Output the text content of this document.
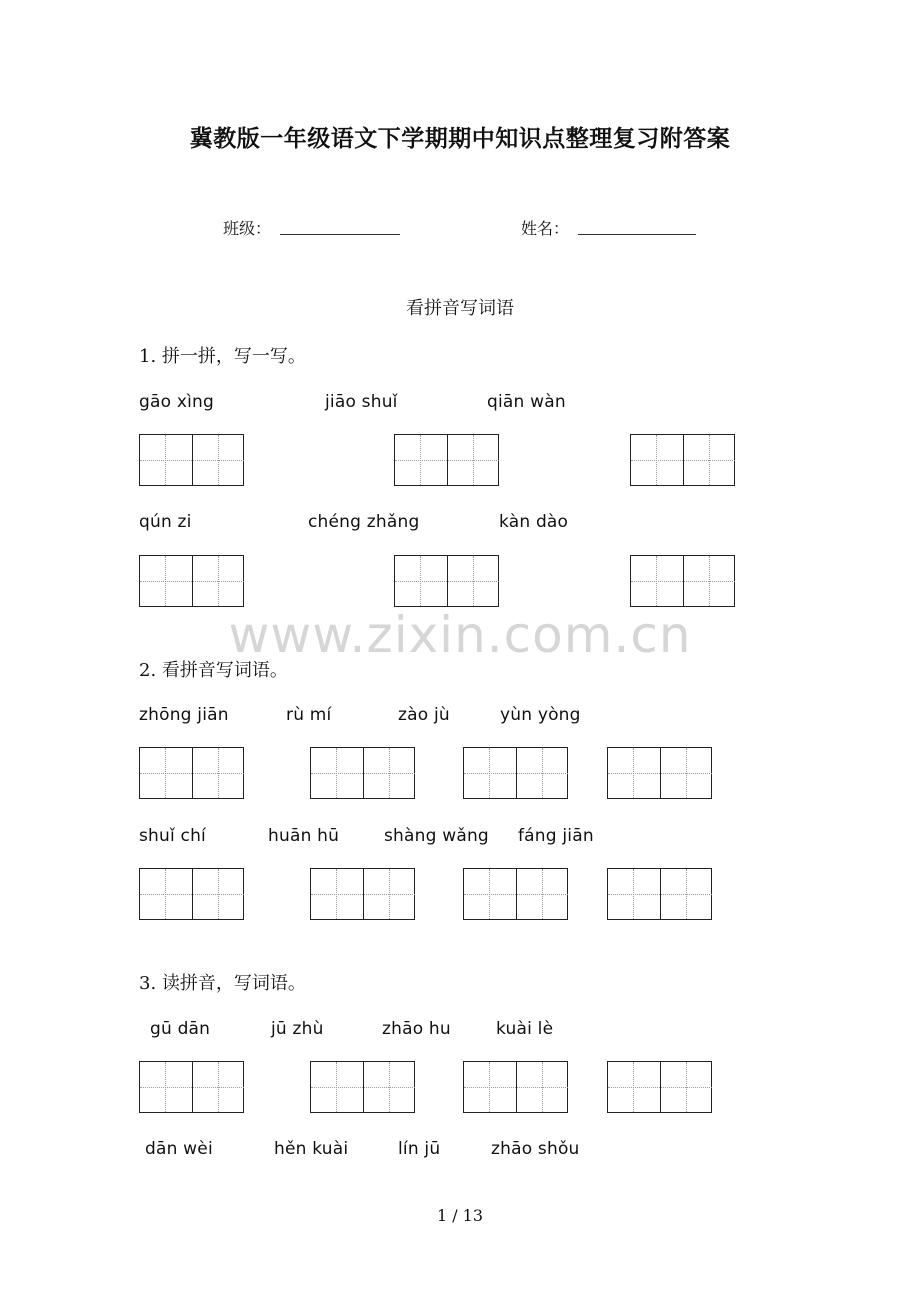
冀教版一年级语文下学期期中知识点整理复习附答案
班级：	姓名：
看拼音写词语
1. 拼一拼，写一写。
gāo xìng	jiāo shuǐ	qiān wàn
qún zi	chéng zhǎng	kàn dào
www.zixin.com.cn
2. 看拼音写词语。
zhōng jiān	rù mí	zào jù	yùn yòng
shuǐ chí	huān hū	shàng wǎng fáng jiān
3. 读拼音，写词语。
gū dān	jū zhù	zhāo hu	kuài lè
dān wèi	hěn kuài	lín jū	zhāo shǒu
1 / 13
